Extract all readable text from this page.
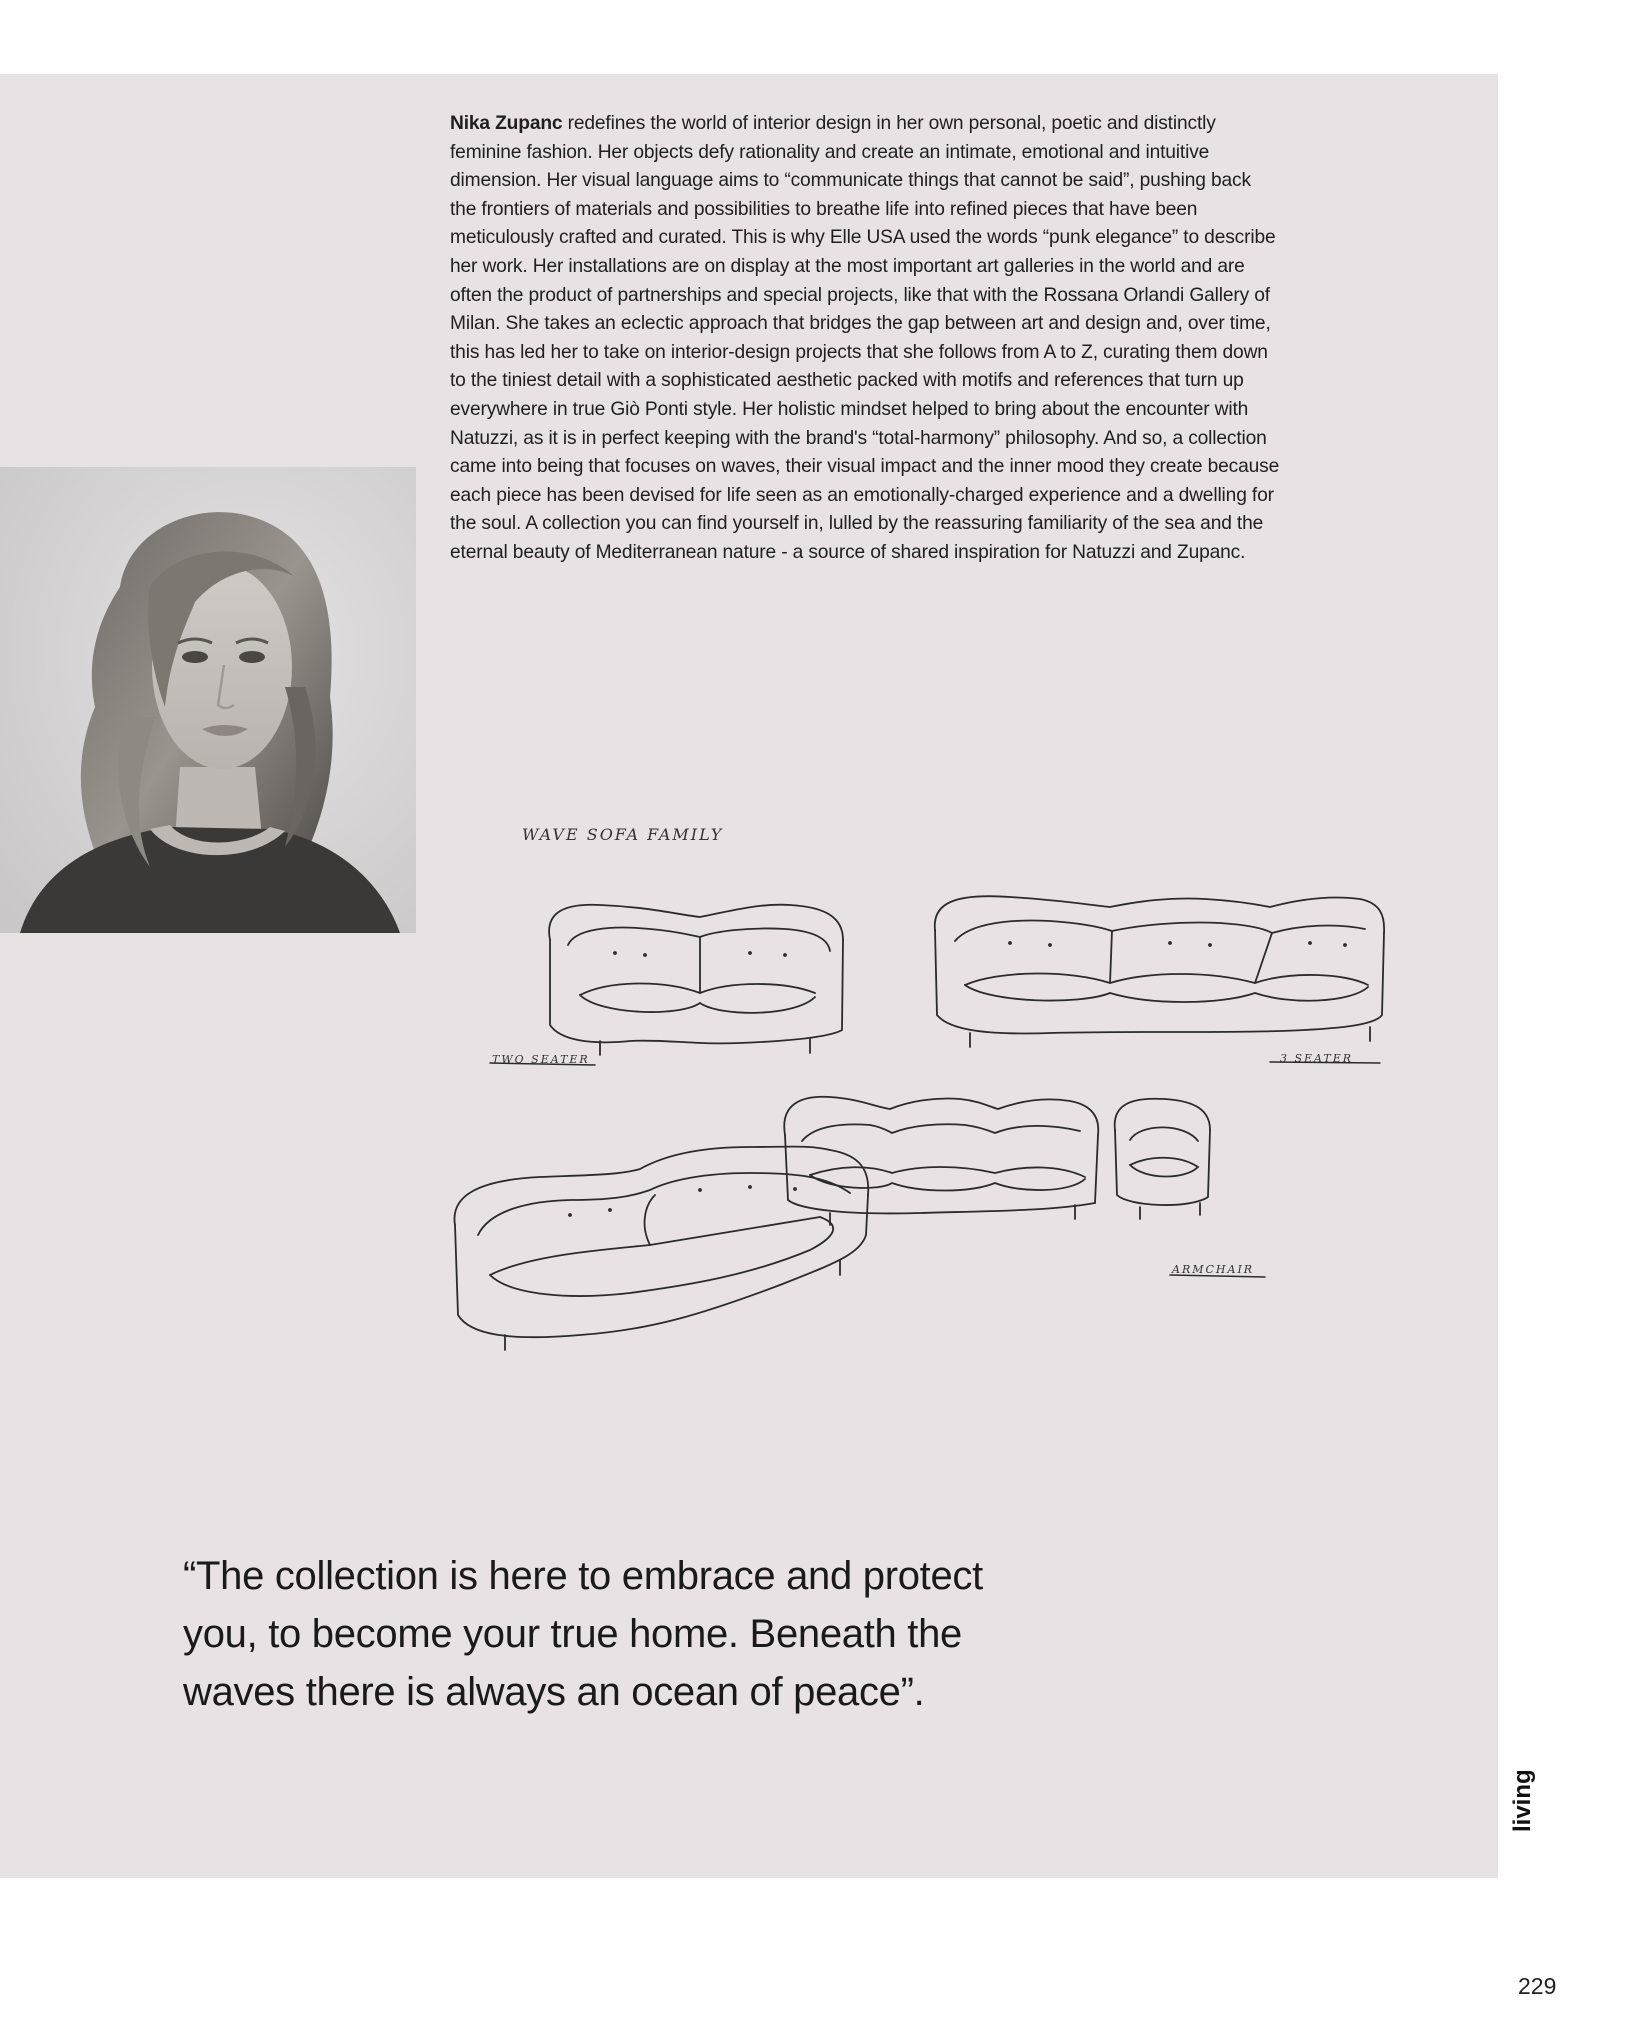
Nika Zupanc redefines the world of interior design in her own personal, poetic and distinctly feminine fashion. Her objects defy rationality and create an intimate, emotional and intuitive dimension. Her visual language aims to “communicate things that cannot be said”, pushing back the frontiers of materials and possibilities to breathe life into refined pieces that have been meticulously crafted and curated. This is why Elle USA used the words “punk elegance” to describe her work. Her installations are on display at the most important art galleries in the world and are often the product of partnerships and special projects, like that with the Rossana Orlandi Gallery of Milan. She takes an eclectic approach that bridges the gap between art and design and, over time, this has led her to take on interior-design projects that she follows from A to Z, curating them down to the tiniest detail with a sophisticated aesthetic packed with motifs and references that turn up everywhere in true Giò Ponti style. Her holistic mindset helped to bring about the encounter with Natuzzi, as it is in perfect keeping with the brand's “total-harmony” philosophy. And so, a collection came into being that focuses on waves, their visual impact and the inner mood they create because each piece has been devised for life seen as an emotionally-charged experience and a dwelling for the soul. A collection you can find yourself in, lulled by the reassuring familiarity of the sea and the eternal beauty of Mediterranean nature - a source of shared inspiration for Natuzzi and Zupanc.

WAVE SOFA FAMILY
TWO SEATER	3 SEATER
ARMCHAIR

“The collection is here to embrace and protect you, to become your true home. Beneath the waves there is always an ocean of peace”.

living
229
